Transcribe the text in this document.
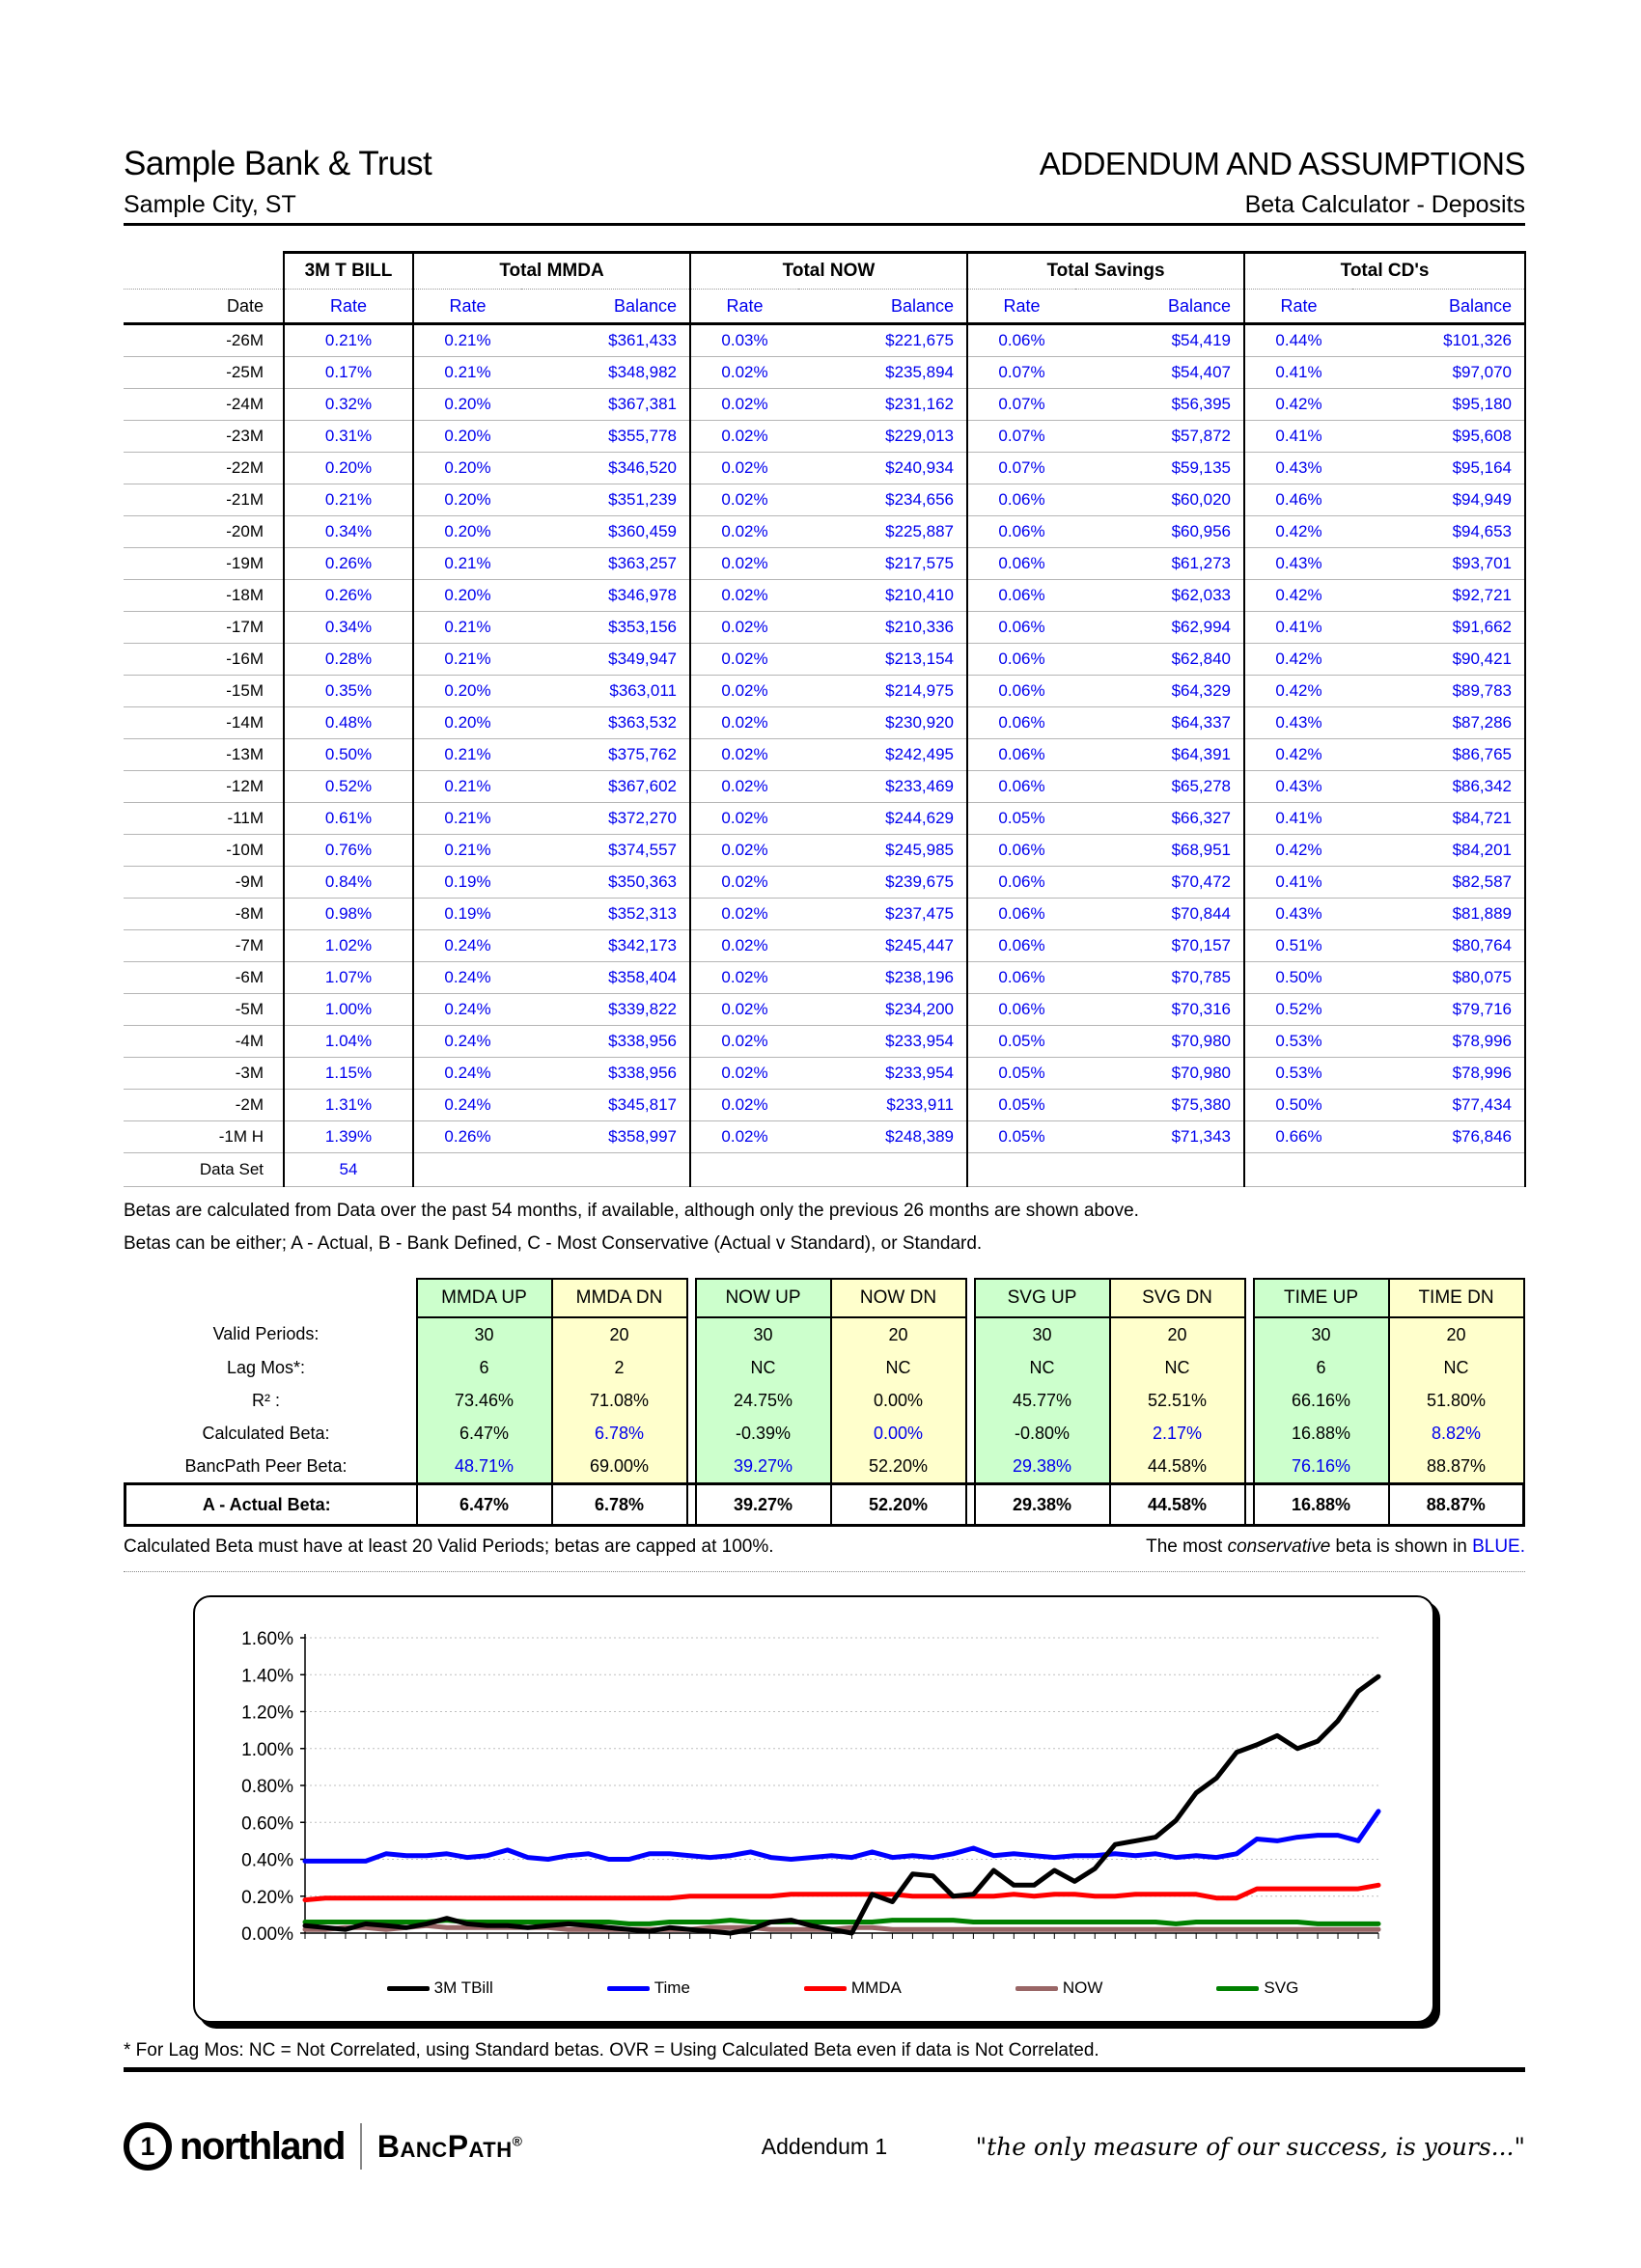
Sample Bank & Trust	ADDENDUM AND ASSUMPTIONS
Sample City, ST	Beta Calculator - Deposits
	3M T BILL	Total MMDA		Total NOW		Total Savings		Total CD's	
Date	Rate	Rate	Balance	Rate	Balance	Rate	Balance	Rate	Balance
-26M	0.21%	0.21%	$361,433	0.03%	$221,675	0.06%	$54,419	0.44%	$101,326
-25M	0.17%	0.21%	$348,982	0.02%	$235,894	0.07%	$54,407	0.41%	$97,070
-24M	0.32%	0.20%	$367,381	0.02%	$231,162	0.07%	$56,395	0.42%	$95,180
-23M	0.31%	0.20%	$355,778	0.02%	$229,013	0.07%	$57,872	0.41%	$95,608
-22M	0.20%	0.20%	$346,520	0.02%	$240,934	0.07%	$59,135	0.43%	$95,164
-21M	0.21%	0.20%	$351,239	0.02%	$234,656	0.06%	$60,020	0.46%	$94,949
-20M	0.34%	0.20%	$360,459	0.02%	$225,887	0.06%	$60,956	0.42%	$94,653
-19M	0.26%	0.21%	$363,257	0.02%	$217,575	0.06%	$61,273	0.43%	$93,701
-18M	0.26%	0.20%	$346,978	0.02%	$210,410	0.06%	$62,033	0.42%	$92,721
-17M	0.34%	0.21%	$353,156	0.02%	$210,336	0.06%	$62,994	0.41%	$91,662
-16M	0.28%	0.21%	$349,947	0.02%	$213,154	0.06%	$62,840	0.42%	$90,421
-15M	0.35%	0.20%	$363,011	0.02%	$214,975	0.06%	$64,329	0.42%	$89,783
-14M	0.48%	0.20%	$363,532	0.02%	$230,920	0.06%	$64,337	0.43%	$87,286
-13M	0.50%	0.21%	$375,762	0.02%	$242,495	0.06%	$64,391	0.42%	$86,765
-12M	0.52%	0.21%	$367,602	0.02%	$233,469	0.06%	$65,278	0.43%	$86,342
-11M	0.61%	0.21%	$372,270	0.02%	$244,629	0.05%	$66,327	0.41%	$84,721
-10M	0.76%	0.21%	$374,557	0.02%	$245,985	0.06%	$68,951	0.42%	$84,201
-9M	0.84%	0.19%	$350,363	0.02%	$239,675	0.06%	$70,472	0.41%	$82,587
-8M	0.98%	0.19%	$352,313	0.02%	$237,475	0.06%	$70,844	0.43%	$81,889
-7M	1.02%	0.24%	$342,173	0.02%	$245,447	0.06%	$70,157	0.51%	$80,764
-6M	1.07%	0.24%	$358,404	0.02%	$238,196	0.06%	$70,785	0.50%	$80,075
-5M	1.00%	0.24%	$339,822	0.02%	$234,200	0.06%	$70,316	0.52%	$79,716
-4M	1.04%	0.24%	$338,956	0.02%	$233,954	0.05%	$70,980	0.53%	$78,996
-3M	1.15%	0.24%	$338,956	0.02%	$233,954	0.05%	$70,980	0.53%	$78,996
-2M	1.31%	0.24%	$345,817	0.02%	$233,911	0.05%	$75,380	0.50%	$77,434
-1M H	1.39%	0.26%	$358,997	0.02%	$248,389	0.05%	$71,343	0.66%	$76,846
Data Set	54								
Betas are calculated from Data over the past 54 months, if available, although only the previous 26 months are shown above.
Betas can be either; A - Actual, B - Bank Defined, C - Most Conservative (Actual v Standard), or Standard.
	MMDA UP	MMDA DN		NOW UP	NOW DN		SVG UP	SVG DN		TIME UP	TIME DN
Valid Periods:	30	20		30	20		30	20		30	20
Lag Mos*:	6	2		NC	NC		NC	NC		6	NC
R² :	73.46%	71.08%		24.75%	0.00%		45.77%	52.51%		66.16%	51.80%
Calculated Beta:	6.47%	6.78%		-0.39%	0.00%		-0.80%	2.17%		16.88%	8.82%
BancPath Peer Beta:	48.71%	69.00%		39.27%	52.20%		29.38%	44.58%		76.16%	88.87%
A - Actual Beta:	6.47%	6.78%		39.27%	52.20%		29.38%	44.58%		16.88%	88.87%
Calculated Beta must have at least 20 Valid Periods; betas are capped at 100%.	The most conservative beta is shown in BLUE.
1.60%
1.40%
1.20%
1.00%
0.80%
0.60%
0.40%
0.20%
0.00%
3M TBill	Time	MMDA	NOW	SVG
* For Lag Mos: NC = Not Correlated, using Standard betas. OVR = Using Calculated Beta even if data is Not Correlated.
1 northland BancPath®	Addendum 1	"the only measure of our success, is yours..."
